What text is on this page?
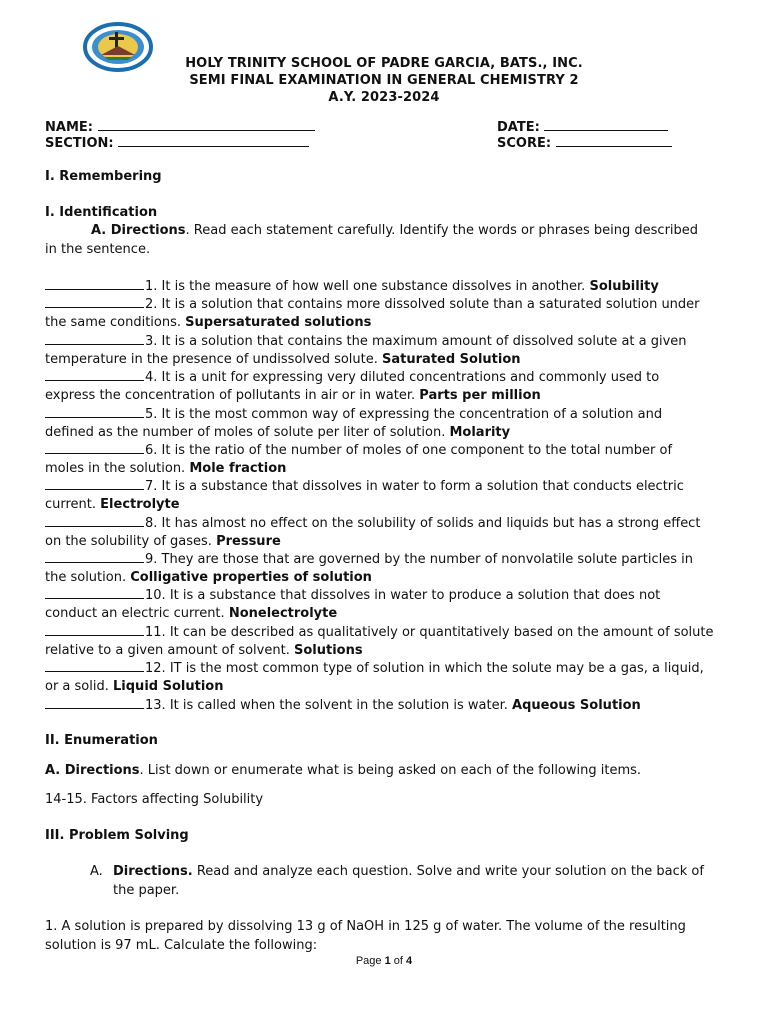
HOLY TRINITY SCHOOL OF PADRE GARCIA, BATS., INC.
SEMI FINAL EXAMINATION IN GENERAL CHEMISTRY 2
A.Y. 2023-2024
NAME:
SECTION:
DATE:
SCORE:
I. Remembering
I. Identification
A. Directions. Read each statement carefully. Identify the words or phrases being described
in the sentence.
1. It is the measure of how well one substance dissolves in another. Solubility
2. It is a solution that contains more dissolved solute than a saturated solution under
the same conditions. Supersaturated solutions
3. It is a solution that contains the maximum amount of dissolved solute at a given
temperature in the presence of undissolved solute. Saturated Solution
4. It is a unit for expressing very diluted concentrations and commonly used to
express the concentration of pollutants in air or in water. Parts per million
5. It is the most common way of expressing the concentration of a solution and
defined as the number of moles of solute per liter of solution. Molarity
6. It is the ratio of the number of moles of one component to the total number of
moles in the solution. Mole fraction
7. It is a substance that dissolves in water to form a solution that conducts electric
current. Electrolyte
8. It has almost no effect on the solubility of solids and liquids but has a strong effect
on the solubility of gases. Pressure
9. They are those that are governed by the number of nonvolatile solute particles in
the solution. Colligative properties of solution
10. It is a substance that dissolves in water to produce a solution that does not
conduct an electric current. Nonelectrolyte
11. It can be described as qualitatively or quantitatively based on the amount of solute
relative to a given amount of solvent. Solutions
12. IT is the most common type of solution in which the solute may be a gas, a liquid,
or a solid. Liquid Solution
13. It is called when the solvent in the solution is water. Aqueous Solution
II. Enumeration
A. Directions. List down or enumerate what is being asked on each of the following items.
14-15. Factors affecting Solubility
III. Problem Solving
A. Directions. Read and analyze each question. Solve and write your solution on the back of
the paper.
1. A solution is prepared by dissolving 13 g of NaOH in 125 g of water. The volume of the resulting
solution is 97 mL. Calculate the following:
Page 1 of 4
